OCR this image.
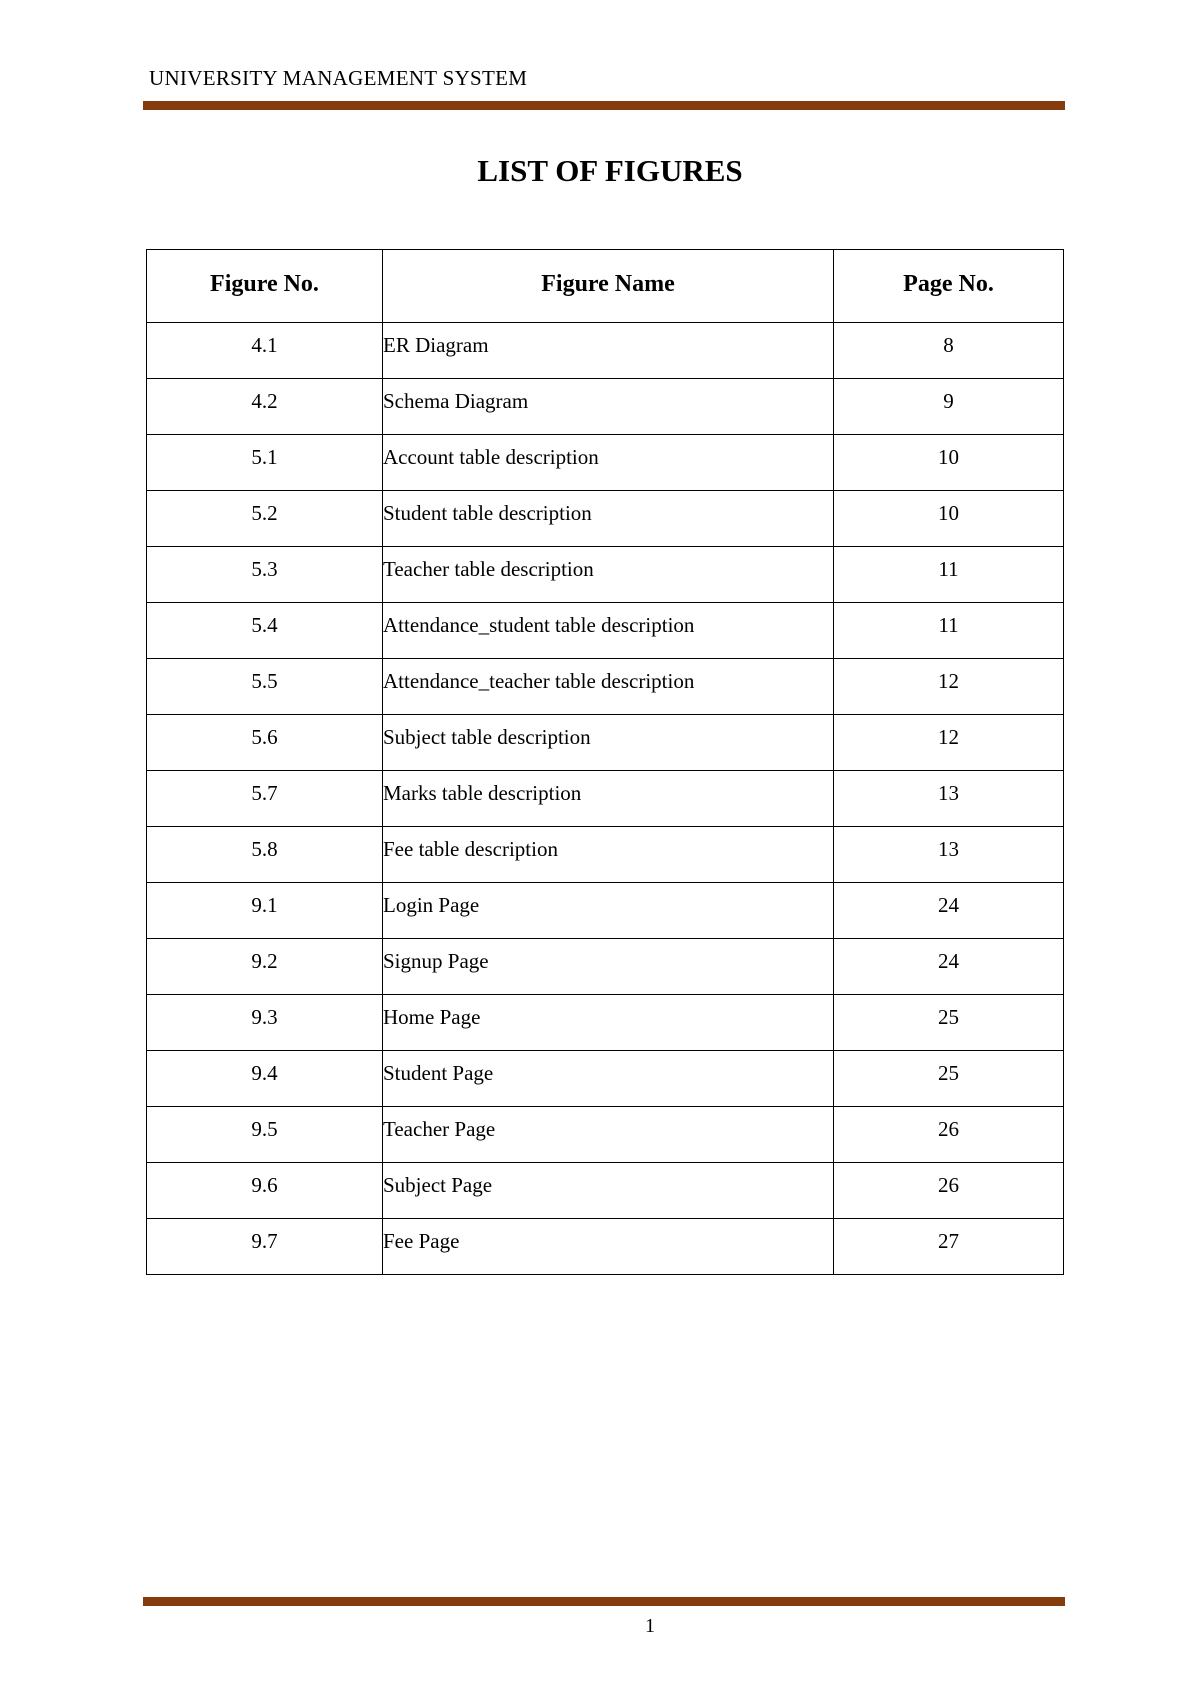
UNIVERSITY MANAGEMENT SYSTEM
LIST OF FIGURES
Figure No.	Figure Name	Page No.
4.1	ER Diagram	8
4.2	Schema Diagram	9
5.1	Account table description	10
5.2	Student table description	10
5.3	Teacher table description	11
5.4	Attendance_student table description	11
5.5	Attendance_teacher table description	12
5.6	Subject table description	12
5.7	Marks table description	13
5.8	Fee table description	13
9.1	Login Page	24
9.2	Signup Page	24
9.3	Home Page	25
9.4	Student Page	25
9.5	Teacher Page	26
9.6	Subject Page	26
9.7	Fee Page	27
1
